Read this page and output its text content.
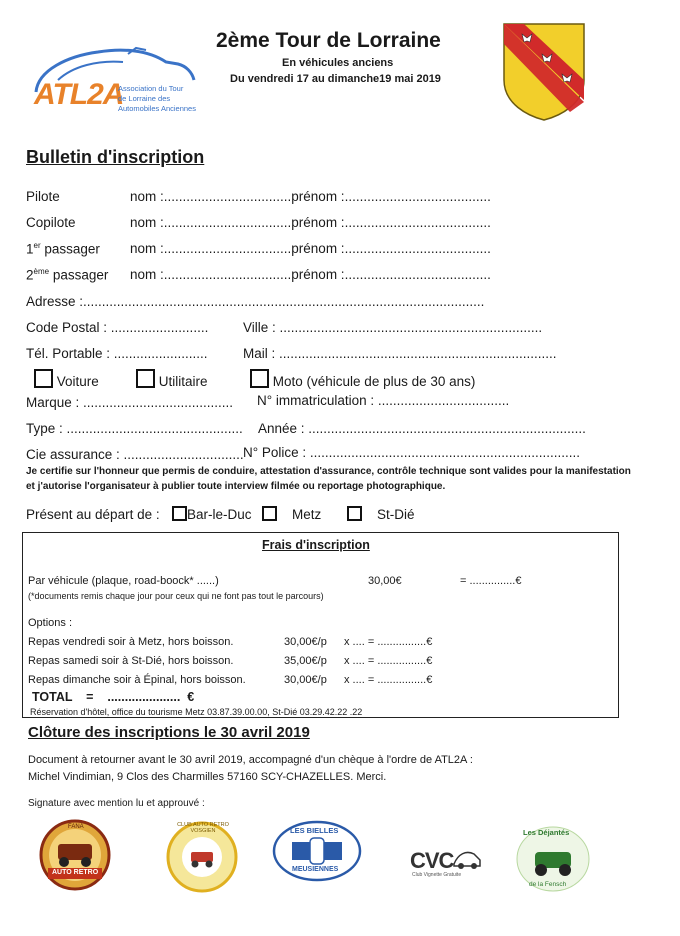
ATL2A
Association du Tour
de Lorraine des
Automobiles Anciennes
2ème Tour de Lorraine
En véhicules anciens
Du vendredi 17 au dimanche19 mai 2019
Bulletin d'inscription
Pilote	nom :..................................prénom :.......................................
Copilote	nom :..................................prénom :.......................................
1er passager nom :..................................prénom :.......................................
2ème passager nom :..................................prénom :.......................................
Adresse :...........................................................................................................
Code Postal : ..........................	Ville : ......................................................................
Tél. Portable : .........................	Mail : ..........................................................................
Voiture	Utilitaire	Moto (véhicule de plus de 30 ans)
Marque : ........................................ N° immatriculation : ...................................
Type : ............................................... Année : ..........................................................................
Cie assurance : ................................ N° Police : ........................................................................
Je certifie sur l'honneur que permis de conduire, attestation d'assurance, contrôle technique sont valides pour la manifestation
et j'autorise l'organisateur à publier toute interview filmée ou reportage photographique.
Présent au départ de :	Bar-le-Duc	Metz	St-Dié
Frais d'inscription
Par véhicule (plaque, road-boock* ......)	30,00€	= ...............€
(*documents remis chaque jour pour ceux qui ne font pas tout le parcours)
Options :
Repas vendredi soir à Metz, hors boisson.	30,00€/p x .... = ................€
Repas samedi soir à St-Dié, hors boisson.	35,00€/p x .... = ................€
Repas dimanche soir à Épinal, hors boisson.	30,00€/p x .... = ................€
TOTAL    =    .....................  €
Réservation d'hôtel, office du tourisme Metz 03.87.39.00.00, St-Dié 03.29.42.22 .22
Clôture des inscriptions le 30 avril 2019
Document à retourner avant le 30 avril 2019, accompagné d'un chèque à l'ordre de ATL2A :
Michel Vindimian, 9 Clos des Charmilles 57160 SCY-CHAZELLES. Merci.
Signature avec mention lu et approuvé :
FANA
AUTO RETRO
CLUB AUTO RETRO VOSGIEN	LES BIELLES
MEUSIENNES	CVC
Club Vignette Gratuite
Les Déjantés
de la Fensch
